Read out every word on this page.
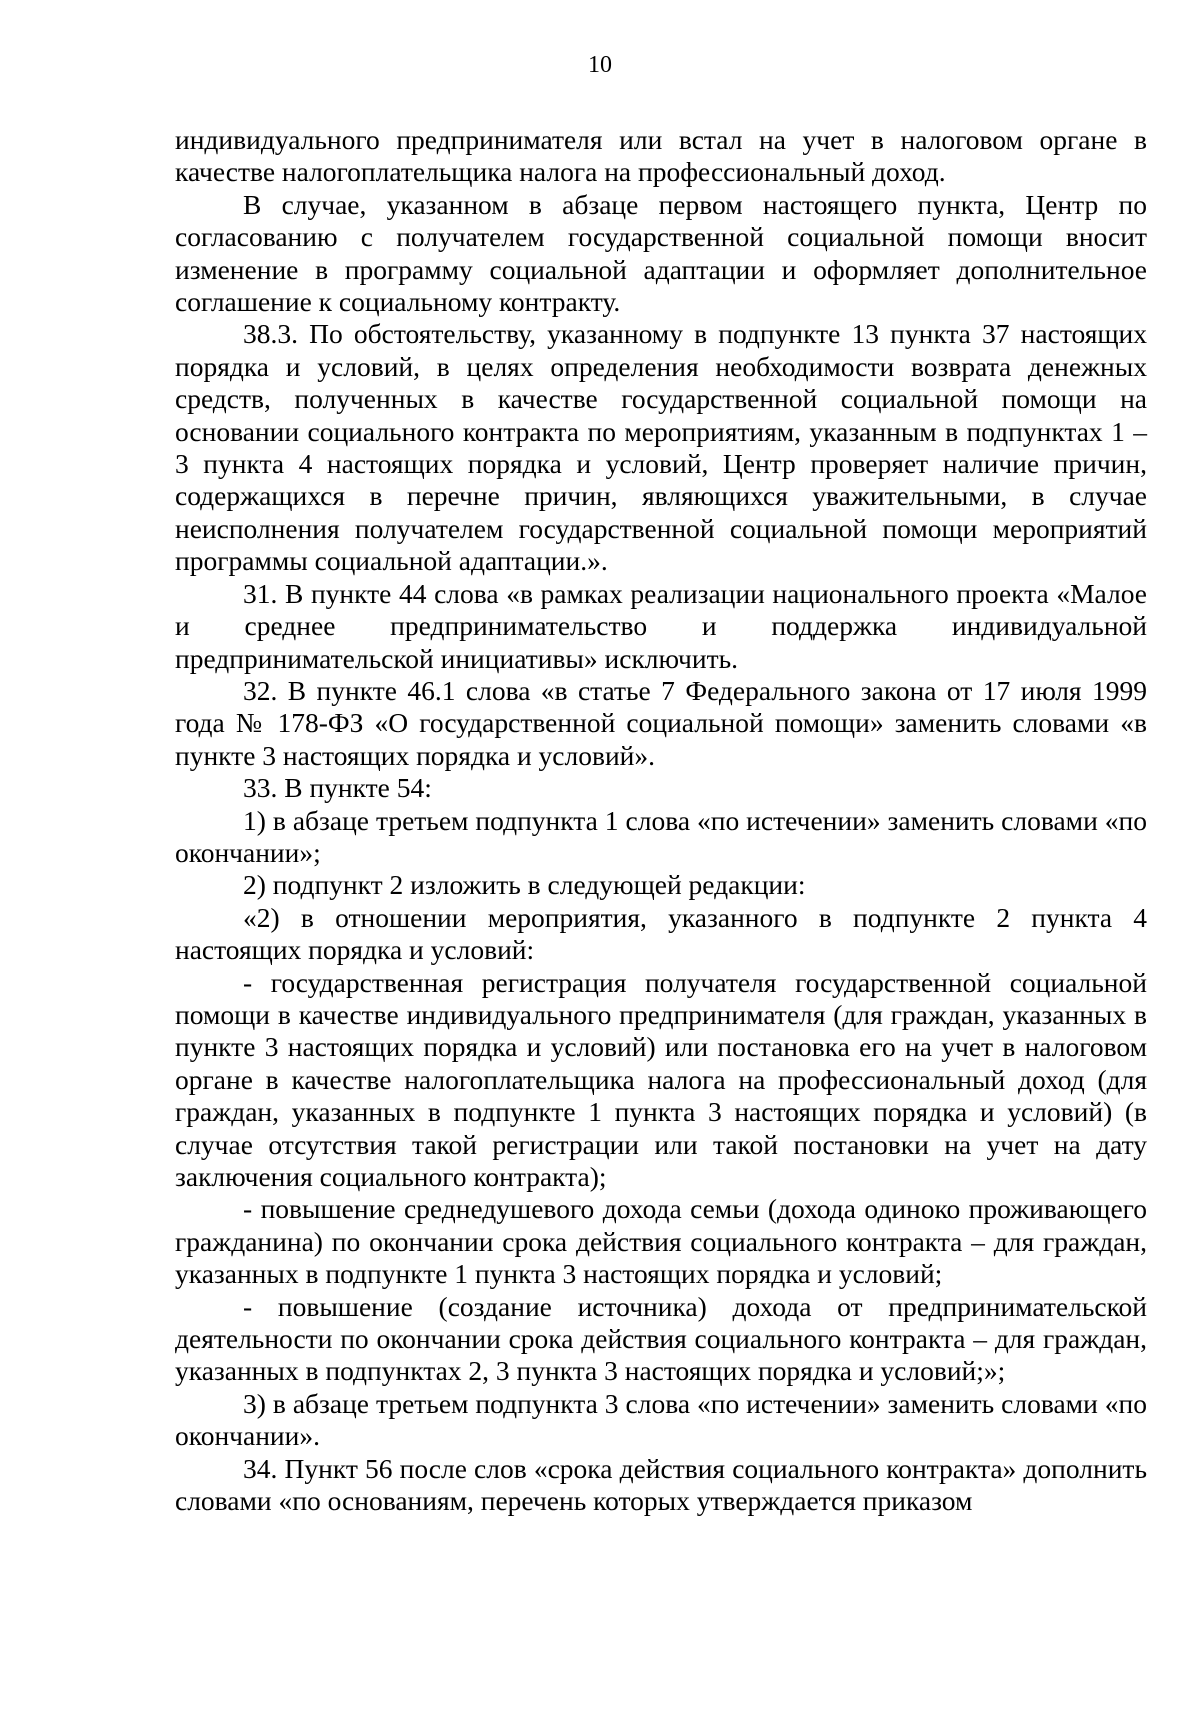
10

индивидуального предпринимателя или встал на учет в налоговом органе в качестве налогоплательщика налога на профессиональный доход.

В случае, указанном в абзаце первом настоящего пункта, Центр по согласованию с получателем государственной социальной помощи вносит изменение в программу социальной адаптации и оформляет дополнительное соглашение к социальному контракту.

38.3. По обстоятельству, указанному в подпункте 13 пункта 37 настоящих порядка и условий, в целях определения необходимости возврата денежных средств, полученных в качестве государственной социальной помощи на основании социального контракта по мероприятиям, указанным в подпунктах 1 – 3 пункта 4 настоящих порядка и условий, Центр проверяет наличие причин, содержащихся в перечне причин, являющихся уважительными, в случае неисполнения получателем государственной социальной помощи мероприятий программы социальной адаптации.».

31. В пункте 44 слова «в рамках реализации национального проекта «Малое и среднее предпринимательство и поддержка индивидуальной предпринимательской инициативы» исключить.

32. В пункте 46.1 слова «в статье 7 Федерального закона от 17 июля 1999 года № 178-ФЗ «О государственной социальной помощи» заменить словами «в пункте 3 настоящих порядка и условий».

33. В пункте 54:

1) в абзаце третьем подпункта 1 слова «по истечении» заменить словами «по окончании»;

2) подпункт 2 изложить в следующей редакции:

«2) в отношении мероприятия, указанного в подпункте 2 пункта 4 настоящих порядка и условий:

- государственная регистрация получателя государственной социальной помощи в качестве индивидуального предпринимателя (для граждан, указанных в пункте 3 настоящих порядка и условий) или постановка его на учет в налоговом органе в качестве налогоплательщика налога на профессиональный доход (для граждан, указанных в подпункте 1 пункта 3 настоящих порядка и условий) (в случае отсутствия такой регистрации или такой постановки на учет на дату заключения социального контракта);

- повышение среднедушевого дохода семьи (дохода одиноко проживающего гражданина) по окончании срока действия социального контракта – для граждан, указанных в подпункте 1 пункта 3 настоящих порядка и условий;

- повышение (создание источника) дохода от предпринимательской деятельности по окончании срока действия социального контракта – для граждан, указанных в подпунктах 2, 3 пункта 3 настоящих порядка и условий;»;

3) в абзаце третьем подпункта 3 слова «по истечении» заменить словами «по окончании».

34. Пункт 56 после слов «срока действия социального контракта» дополнить словами «по основаниям, перечень которых утверждается приказом
